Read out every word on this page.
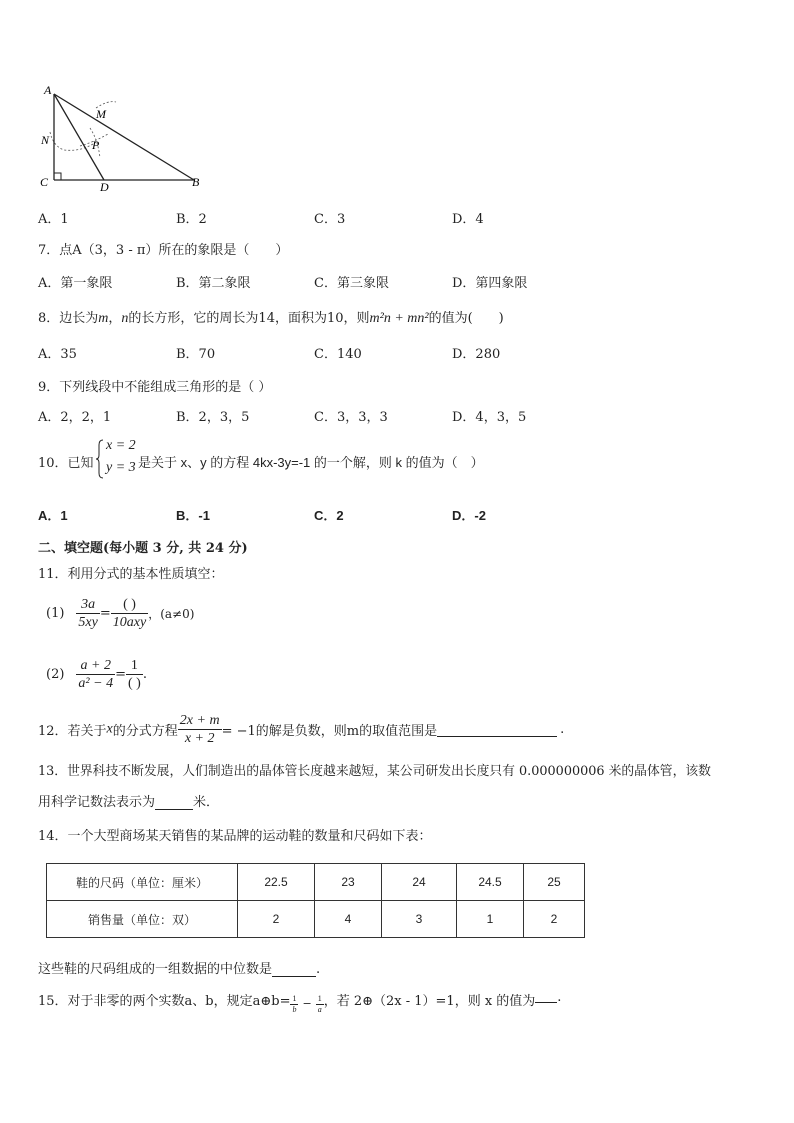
A
M
N	P
C	D	B
A．1	B．2	C．3	D．4
7．点A（3，3 - π）所在的象限是（　　）
A．第一象限	B．第二象限	C．第三象限	D．第四象限
8．边长为m，n的长方形，它的周长为14，面积为10，则m²n + mn²的值为(　　)
A．35	B．70	C．140	D．280
9．下列线段中不能组成三角形的是（ ）
A．2，2，1	B．2，3，5	C．3，3，3	D．4，3，5
10．已知
x = 2
y = 3 是关于 x、y 的方程 4kx-3y=-1 的一个解，则 k 的值为（　）
A．1	B．-1	C．2	D．-2
二、填空题(每小题 3 分, 共 24 分)
11．利用分式的基本性质填空：
$(1) \frac{3a}{5xy} = \frac{( )}{\text{10axy}}$ ，(a≠0)
$(2) \frac{a + 2}{\text{a² − 4}} = \frac{1}{( )}$ .
12．若关于x的分式方程 $\frac{2x + m}{x + 2} = -1$的解是负数，则m的取值范围是	.
13．世界科技不断发展，人们制造出的晶体管长度越来越短，某公司研发出长度只有 0.000000006 米的晶体管，该数
用科学记数法表示为	米．
14．一个大型商场某天销售的某品牌的运动鞋的数量和尺码如下表：
鞋的尺码（单位：厘米）	22.5	23	24	24.5	25
销售量（单位：双）	2	4	3	1	2
这些鞋的尺码组成的一组数据的中位数是	.
15．对于非零的两个实数a、b，规定a⊕b= $\frac{1}{b} ^- \frac{1}{a}$ ，若 2⊕（2x - 1）=1，则 x 的值为 .
